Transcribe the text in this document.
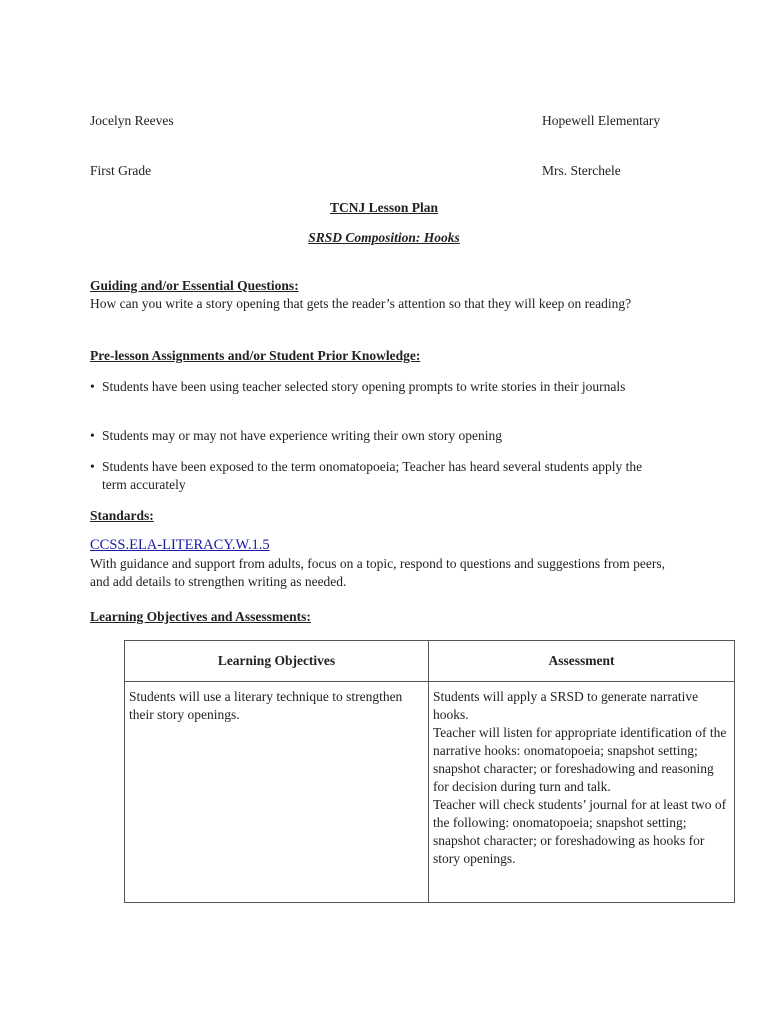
Jocelyn Reeves	Hopewell Elementary
First Grade	Mrs. Sterchele
TCNJ Lesson Plan
SRSD Composition: Hooks
Guiding and/or Essential Questions:
How can you write a story opening that gets the reader’s attention so that they will keep on reading?
Pre-lesson Assignments and/or Student Prior Knowledge:
• Students have been using teacher selected story opening prompts to write stories in their journals
• Students may or may not have experience writing their own story opening
• Students have been exposed to the term onomatopoeia; Teacher has heard several students apply the term accurately
Standards:
CCSS.ELA-LITERACY.W.1.5
With guidance and support from adults, focus on a topic, respond to questions and suggestions from peers, and add details to strengthen writing as needed.
Learning Objectives and Assessments:
Learning Objectives	Assessment
Students will use a literary technique to strengthen their story openings.	Students will apply a SRSD to generate narrative hooks.
Teacher will listen for appropriate identification of the narrative hooks: onomatopoeia; snapshot setting; snapshot character; or foreshadowing and reasoning for decision during turn and talk.
Teacher will check students’ journal for at least two of the following: onomatopoeia; snapshot setting; snapshot character; or foreshadowing as hooks for story openings.
